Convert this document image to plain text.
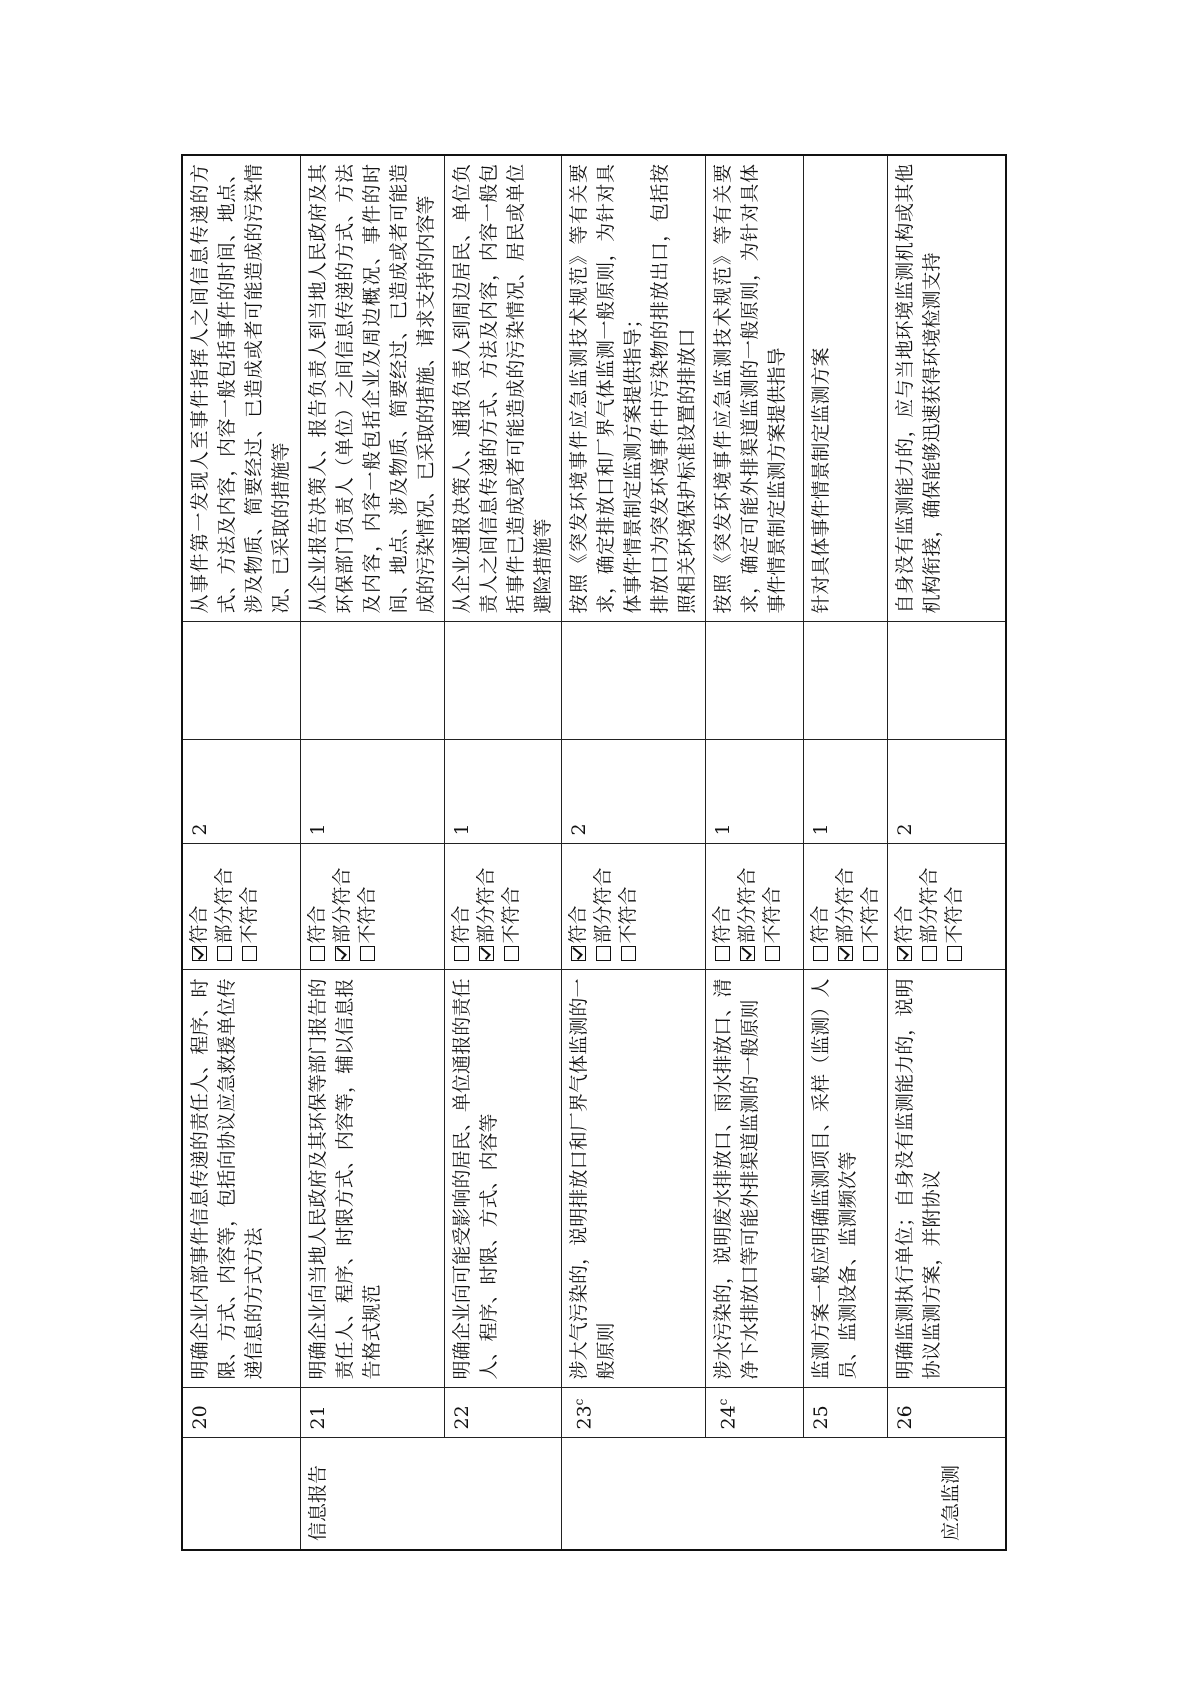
	20	明确企业内部事件信息传递的责任人、程序、时限、方式、内容等，包括向协议应急救援单位传递信息的方式方法	符合 部分符合 不符合	2		从事件第一发现人至事件指挥人之间信息传递的方式、方法及内容，内容一般包括事件的时间、地点、涉及物质、简要经过、已造成或者可能造成的污染情况、已采取的措施等
信息报告	21	明确企业向当地人民政府及其环保等部门报告的责任人、程序、时限方式、内容等，辅以信息报告格式规范	符合 部分符合 不符合	1		从企业报告决策人、报告负责人到当地人民政府及其环保部门负责人（单位）之间信息传递的方式、方法及内容，内容一般包括企业及周边概况、事件的时间、地点、涉及物质、简要经过、已造成或者可能造成的污染情况、已采取的措施、请求支持的内容等
	22	明确企业向可能受影响的居民、单位通报的责任人、程序、时限、方式、内容等	符合 部分符合 不符合	1		从企业通报决策人、通报负责人到周边居民、单位负责人之间信息传递的方式、方法及内容，内容一般包括事件已造成或者可能造成的污染情况、居民或单位避险措施等
应急监测	23$^c$	涉大气污染的，说明排放口和厂界气体监测的一般原则	符合 部分符合 不符合	2		按照《突发环境事件应急监测技术规范》等有关要求，确定排放口和厂界气体监测一般原则，为针对具体事件情景制定监测方案提供指导；
排放口为突发环境事件中污染物的排放出口，包括按照相关环境保护标准设置的排放口
	24$^c$	涉水污染的，说明废水排放口、雨水排放口、清净下水排放口等可能外排渠道监测的一般原则	符合 部分符合 不符合	1		按照《突发环境事件应急监测技术规范》等有关要求，确定可能外排渠道监测的一般原则，为针对具体事件情景制定监测方案提供指导
	25	监测方案一般应明确监测项目、采样（监测）人员、监测设备、监测频次等	符合 部分符合 不符合	1		针对具体事件情景制定监测方案
	26	明确监测执行单位；自身没有监测能力的，说明协议监测方案，并附协议	符合 部分符合 不符合	2		自身没有监测能力的，应与当地环境监测机构或其他机构衔接，确保能够迅速获得环境检测支持
